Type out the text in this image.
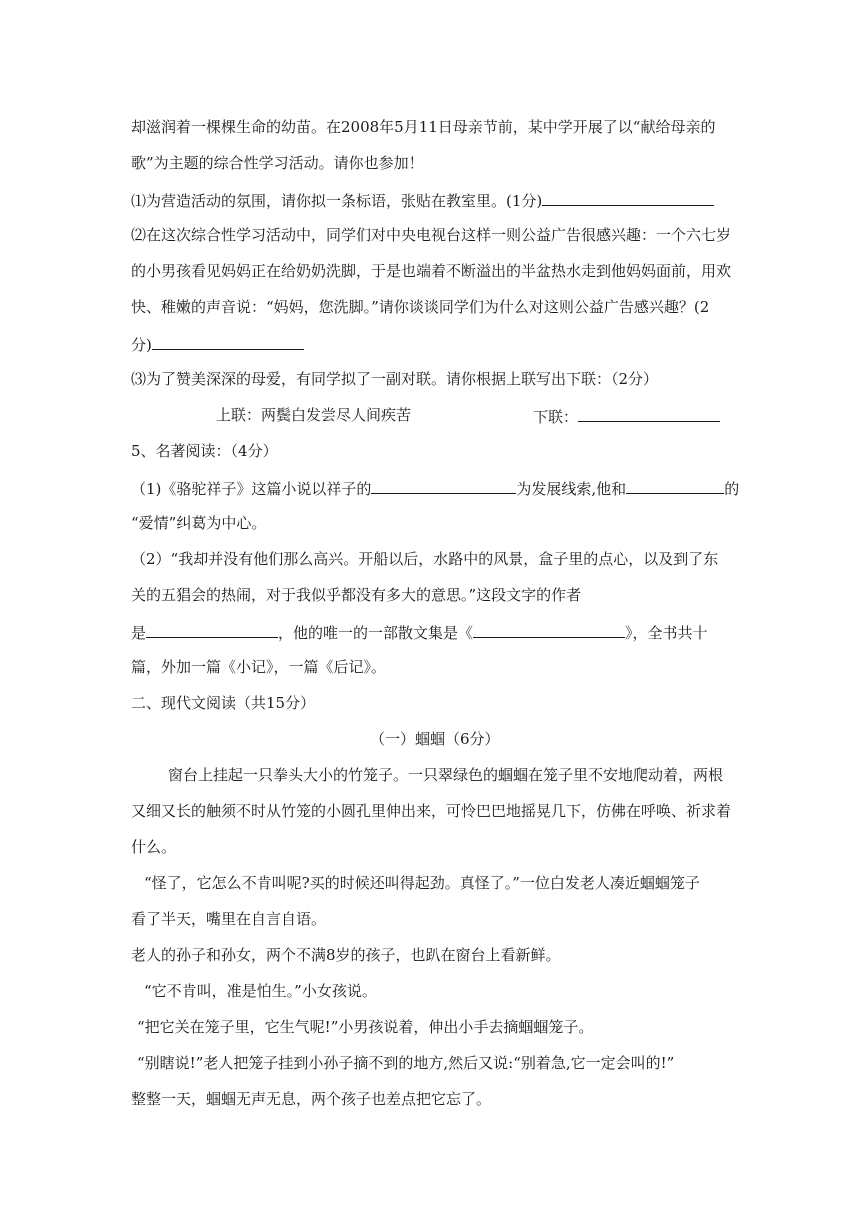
却滋润着一棵棵生命的幼苗。在2008年5月11日母亲节前，某中学开展了以“献给母亲的
歌”为主题的综合性学习活动。请你也参加！
⑴为营造活动的氛围，请你拟一条标语，张贴在教室里。(1分)
⑵在这次综合性学习活动中，同学们对中央电视台这样一则公益广告很感兴趣：一个六七岁
的小男孩看见妈妈正在给奶奶洗脚，于是也端着不断溢出的半盆热水走到他妈妈面前，用欢
快、稚嫩的声音说：“妈妈，您洗脚。”请你谈谈同学们为什么对这则公益广告感兴趣？(2
分)
⑶为了赞美深深的母爱，有同学拟了一副对联。请你根据上联写出下联：（2分）
上联：两鬓白发尝尽人间疾苦	下联：
5、名著阅读：（4分）
（1)《骆驼祥子》这篇小说以祥子的	为发展线索,他和	的
“爱情”纠葛为中心。
（2）“我却并没有他们那么高兴。开船以后，水路中的风景，盒子里的点心，以及到了东
关的五猖会的热闹，对于我似乎都没有多大的意思。”这段文字的作者
是	，他的唯一的一部散文集是《	》，全书共十
篇，外加一篇《小记》，一篇《后记》。
二、现代文阅读（共15分）
（一）蝈蝈（6分）
窗台上挂起一只拳头大小的竹笼子。一只翠绿色的蝈蝈在笼子里不安地爬动着，两根
又细又长的触须不时从竹笼的小圆孔里伸出来，可怜巴巴地摇晃几下，仿佛在呼唤、祈求着
什么。
“怪了，它怎么不肯叫呢?买的时候还叫得起劲。真怪了。”一位白发老人凑近蝈蝈笼子
看了半天，嘴里在自言自语。
老人的孙子和孙女，两个不满8岁的孩子，也趴在窗台上看新鲜。
“它不肯叫，准是怕生。”小女孩说。
“把它关在笼子里，它生气呢!”小男孩说着，伸出小手去摘蝈蝈笼子。
“别瞎说!”老人把笼子挂到小孙子摘不到的地方,然后又说:“别着急,它一定会叫的!”
整整一天，蝈蝈无声无息，两个孩子也差点把它忘了。
